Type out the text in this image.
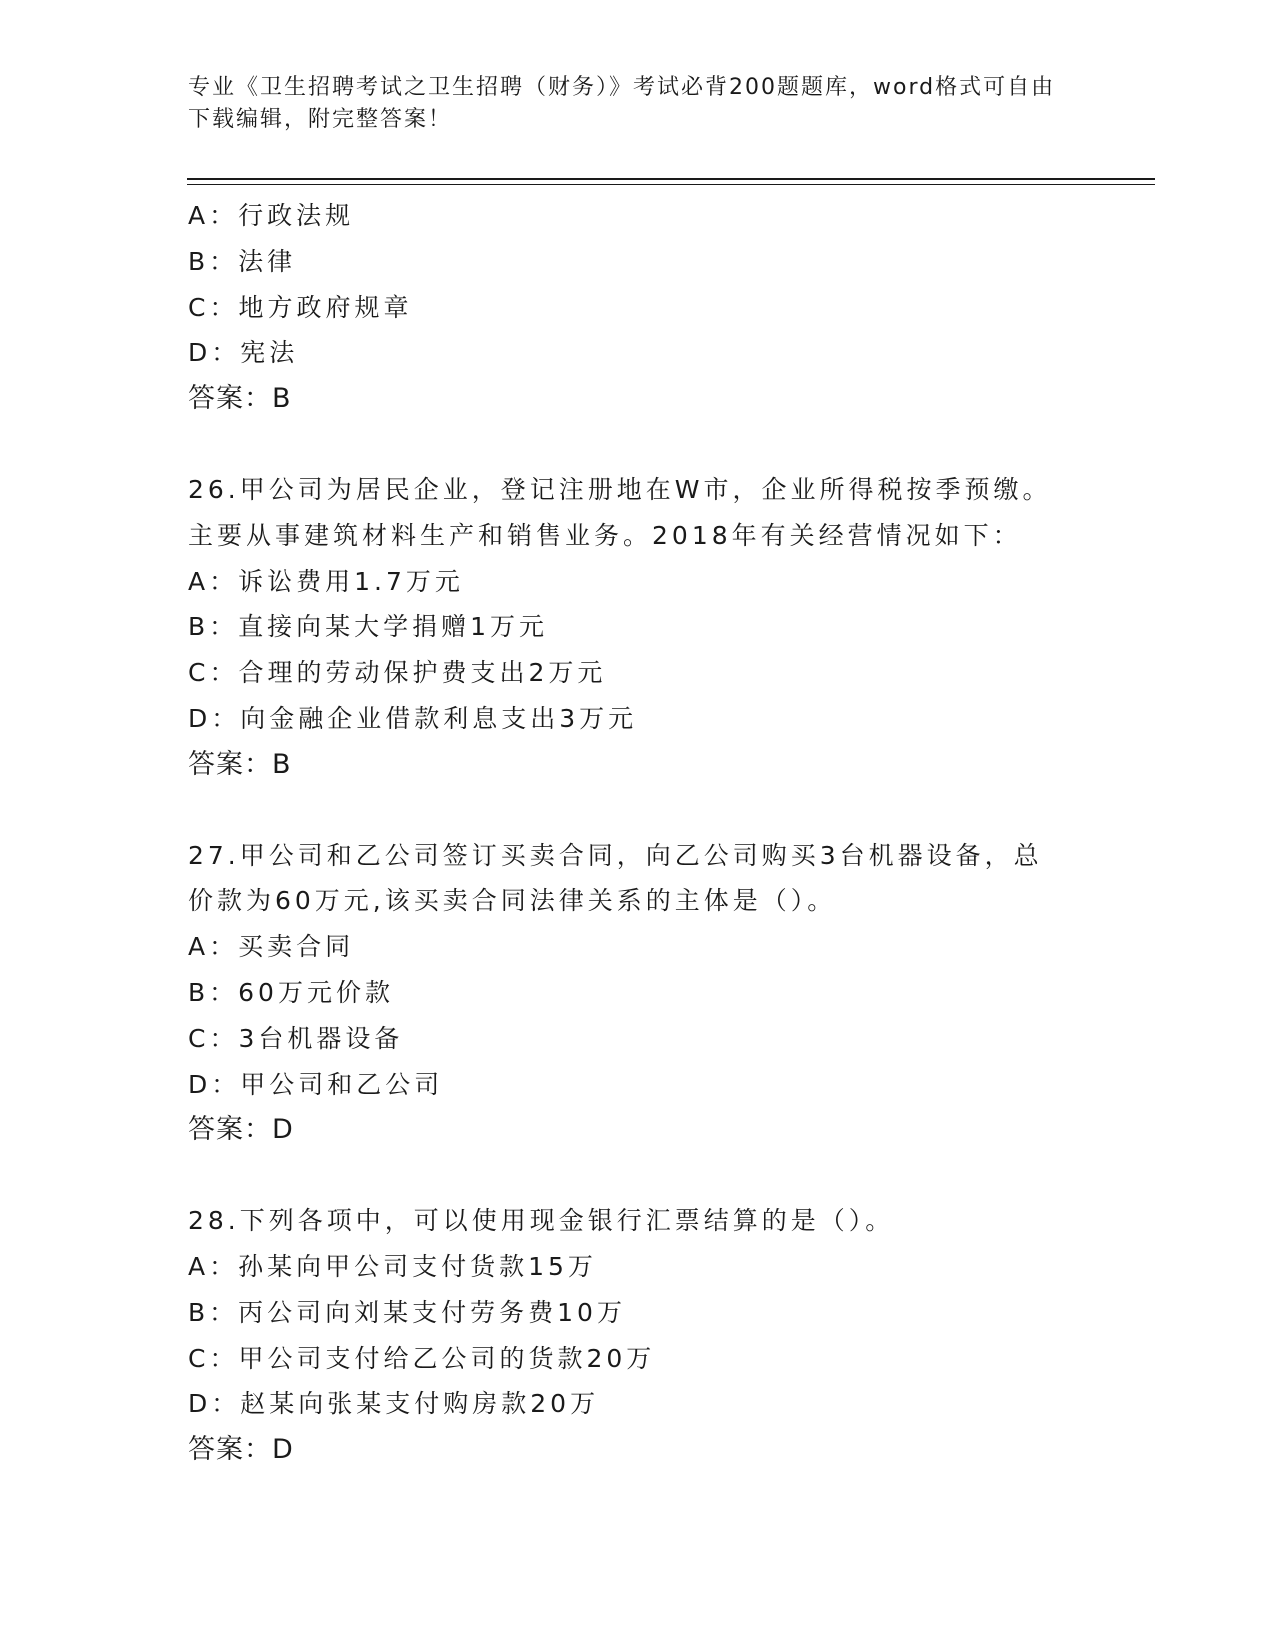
专业《卫生招聘考试之卫生招聘（财务）》考试必背200题题库，word格式可自由下载编辑，附完整答案！
A：行政法规
B：法律
C：地方政府规章
D：宪法
答案：B
26.甲公司为居民企业，登记注册地在W市，企业所得税按季预缴。主要从事建筑材料生产和销售业务。2018年有关经营情况如下：
A：诉讼费用1.7万元
B：直接向某大学捐赠1万元
C：合理的劳动保护费支出2万元
D：向金融企业借款利息支出3万元
答案：B
27.甲公司和乙公司签订买卖合同，向乙公司购买3台机器设备，总价款为60万元,该买卖合同法律关系的主体是（）。
A：买卖合同
B：60万元价款
C：3台机器设备
D：甲公司和乙公司
答案：D
28.下列各项中，可以使用现金银行汇票结算的是（）。
A：孙某向甲公司支付货款15万
B：丙公司向刘某支付劳务费10万
C：甲公司支付给乙公司的货款20万
D：赵某向张某支付购房款20万
答案：D
